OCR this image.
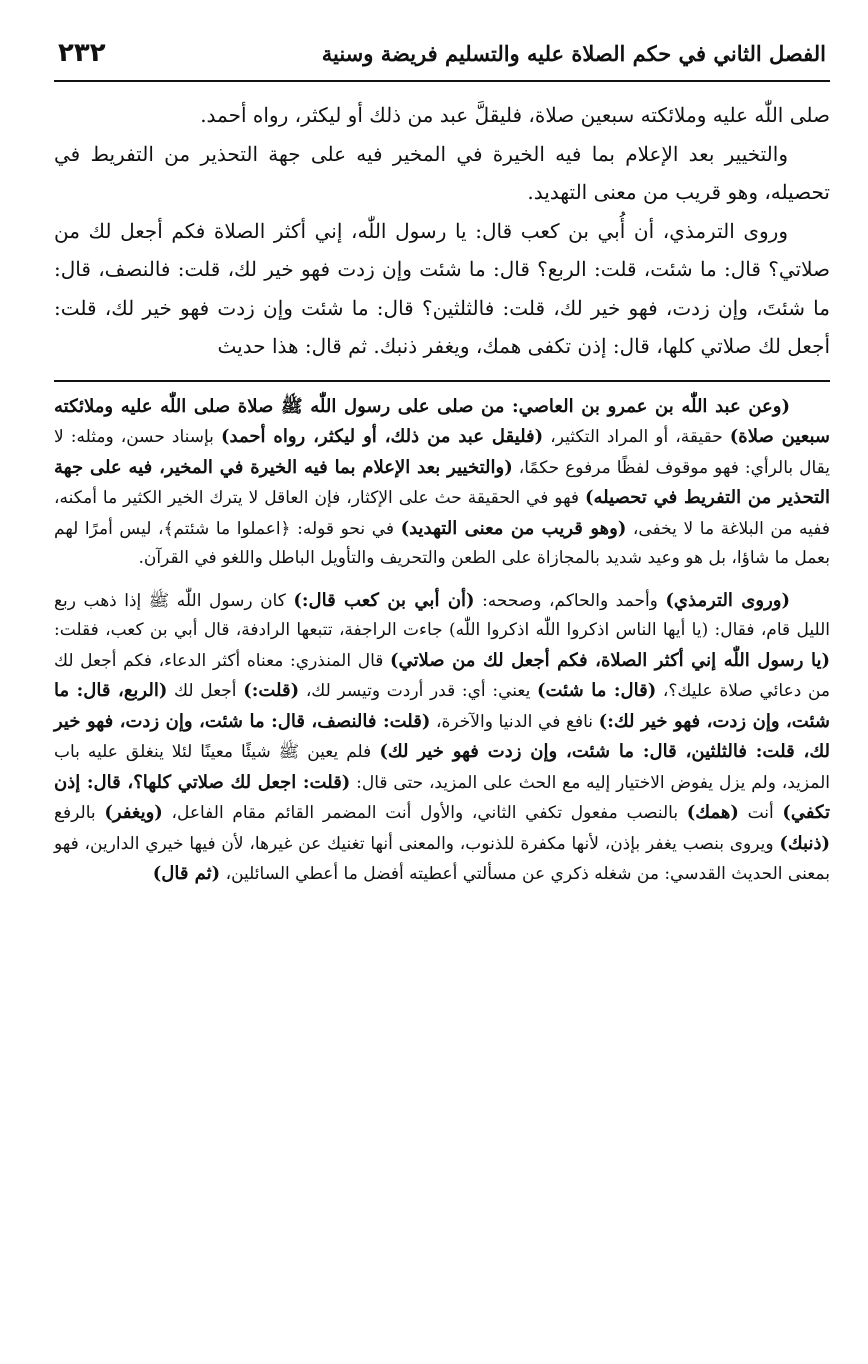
الفصل الثاني في حكم الصلاة عليه والتسليم فريضة وسنية
٢٣٢

صلى اللّٰه عليه وملائكته سبعين صلاة، فليقلَّ عبد من ذلك أو ليكثر، رواه أحمد.

والتخيير بعد الإعلام بما فيه الخيرة في المخير فيه على جهة التحذير من التفريط في تحصيله، وهو قريب من معنى التهديد.

وروى الترمذي، أن أُبي بن كعب قال: يا رسول اللّٰه، إني أكثر الصلاة فكم أجعل لك من صلاتي؟ قال: ما شئت، قلت: الربع؟ قال: ما شئت وإن زدت فهو خير لك، قلت: فالنصف، قال: ما شئتَ، وإن زدت، فهو خير لك، قلت: فالثلثين؟ قال: ما شئت وإن زدت فهو خير لك، قلت: أجعل لك صلاتي كلها، قال: إذن تكفى همك، ويغفر ذنبك. ثم قال: هذا حديث

(وعن عبد اللّٰه بن عمرو بن العاصي: من صلى على رسول اللّٰه ﷺ صلاة صلى اللّٰه عليه وملائكته سبعين صلاة) حقيقة، أو المراد التكثير، (فليقل عبد من ذلك، أو ليكثر، رواه أحمد) بإسناد حسن، ومثله: لا يقال بالرأي: فهو موقوف لفظًا مرفوع حكمًا، (والتخيير بعد الإعلام بما فيه الخيرة في المخير، فيه على جهة التحذير من التفريط في تحصيله) فهو في الحقيقة حث على الإكثار، فإن العاقل لا يترك الخير الكثير ما أمكنه، ففيه من البلاغة ما لا يخفى، (وهو قريب من معنى التهديد) في نحو قوله: ﴿اعملوا ما شئتم﴾، ليس أمرًا لهم بعمل ما شاؤا، بل هو وعيد شديد بالمجازاة على الطعن والتحريف والتأويل الباطل واللغو في القرآن.

(وروى الترمذي) وأحمد والحاكم، وصححه: (أن أبي بن كعب قال:) كان رسول اللّٰه ﷺ إذا ذهب ربع الليل قام، فقال: (يا أيها الناس اذكروا اللّٰه اذكروا اللّٰه) جاءت الراجفة، تتبعها الرادفة، قال أبي بن كعب، فقلت: (يا رسول اللّٰه إني أكثر الصلاة، فكم أجعل لك من صلاتي) قال المنذري: معناه أكثر الدعاء، فكم أجعل لك من دعائي صلاة عليك؟، (قال: ما شئت) يعني: أي: قدر أردت وتيسر لك، (قلت:) أجعل لك (الربع، قال: ما شئت، وإن زدت، فهو خير لك:) نافع في الدنيا والآخرة، (قلت: فالنصف، قال: ما شئت، وإن زدت، فهو خير لك، قلت: فالثلثين، قال: ما شئت، وإن زدت فهو خير لك) فلم يعين ﷺ شيئًا معينًا لئلا ينغلق عليه باب المزيد، ولم يزل يفوض الاختيار إليه مع الحث على المزيد، حتى قال: (قلت: اجعل لك صلاتي كلها؟، قال: إذن تكفي) أنت (همك) بالنصب مفعول تكفي الثاني، والأول أنت المضمر القائم مقام الفاعل، (ويغفر) بالرفع (ذنبك) ويروى بنصب يغفر بإذن، لأنها مكفرة للذنوب، والمعنى أنها تغنيك عن غيرها، لأن فيها خيري الدارين، فهو بمعنى الحديث القدسي: من شغله ذكري عن مسألتي أعطيته أفضل ما أعطي السائلين، (ثم قال)
